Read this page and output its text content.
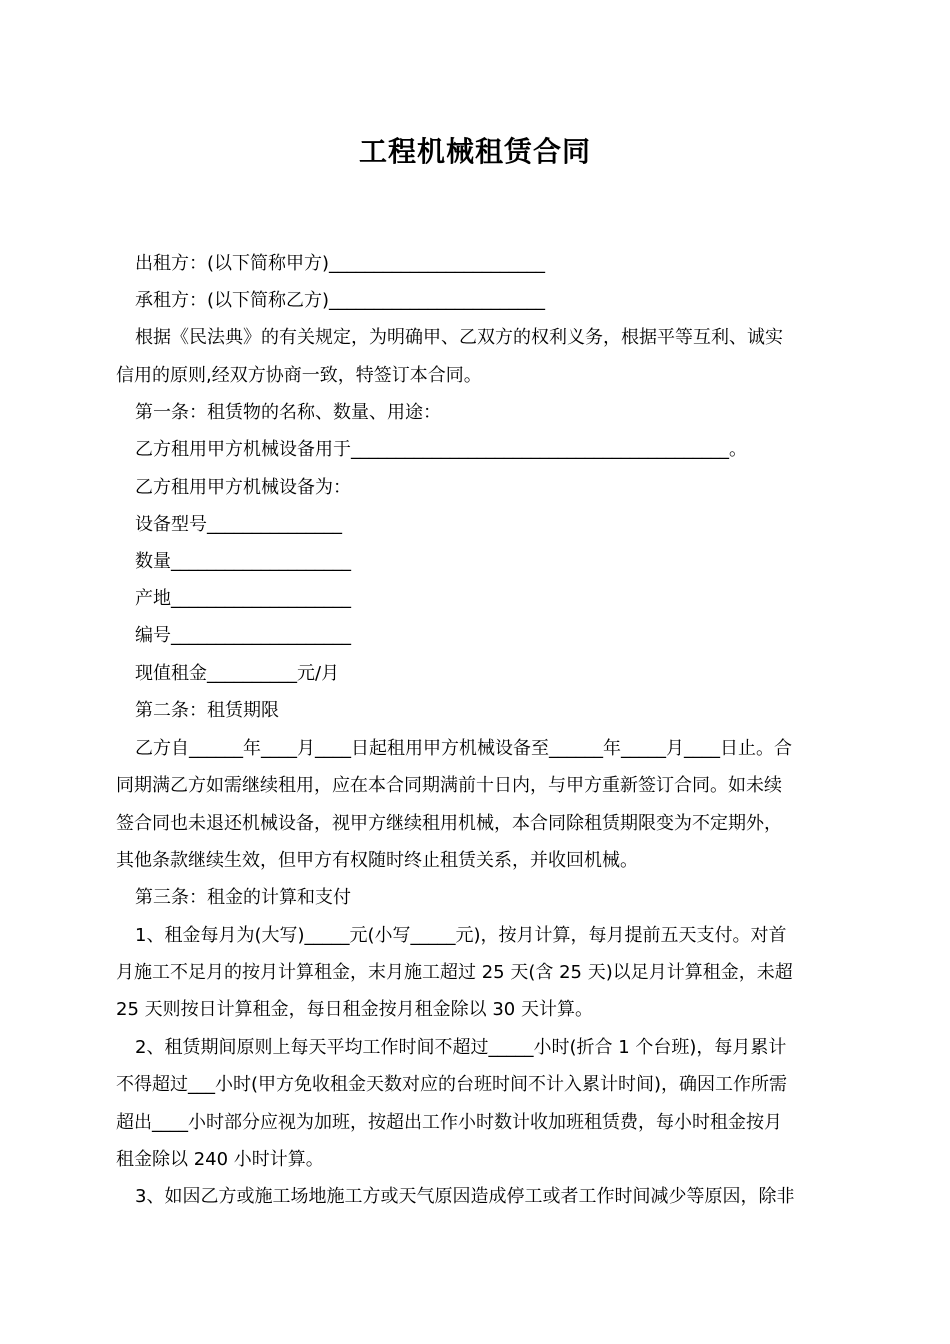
工程机械租赁合同
出租方：(以下简称甲方)________________________
承租方：(以下简称乙方)________________________
根据《民法典》的有关规定，为明确甲、乙双方的权利义务，根据平等互利、诚实
信用的原则,经双方协商一致，特签订本合同。
第一条：租赁物的名称、数量、用途：
乙方租用甲方机械设备用于__________________________________________。
乙方租用甲方机械设备为：
设备型号_______________
数量____________________
产地____________________
编号____________________
现值租金__________元/月
第二条：租赁期限
乙方自______年____月____日起租用甲方机械设备至______年_____月____日止。合
同期满乙方如需继续租用，应在本合同期满前十日内，与甲方重新签订合同。如未续
签合同也未退还机械设备，视甲方继续租用机械，本合同除租赁期限变为不定期外，
其他条款继续生效，但甲方有权随时终止租赁关系，并收回机械。
第三条：租金的计算和支付
1、租金每月为(大写)_____元(小写_____元)，按月计算，每月提前五天支付。对首
月施工不足月的按月计算租金，末月施工超过 25 天(含 25 天)以足月计算租金，未超
25 天则按日计算租金，每日租金按月租金除以 30 天计算。
2、租赁期间原则上每天平均工作时间不超过_____小时(折合 1 个台班)，每月累计
不得超过___小时(甲方免收租金天数对应的台班时间不计入累计时间)，确因工作所需
超出____小时部分应视为加班，按超出工作小时数计收加班租赁费，每小时租金按月
租金除以 240 小时计算。
3、如因乙方或施工场地施工方或天气原因造成停工或者工作时间减少等原因，除非
